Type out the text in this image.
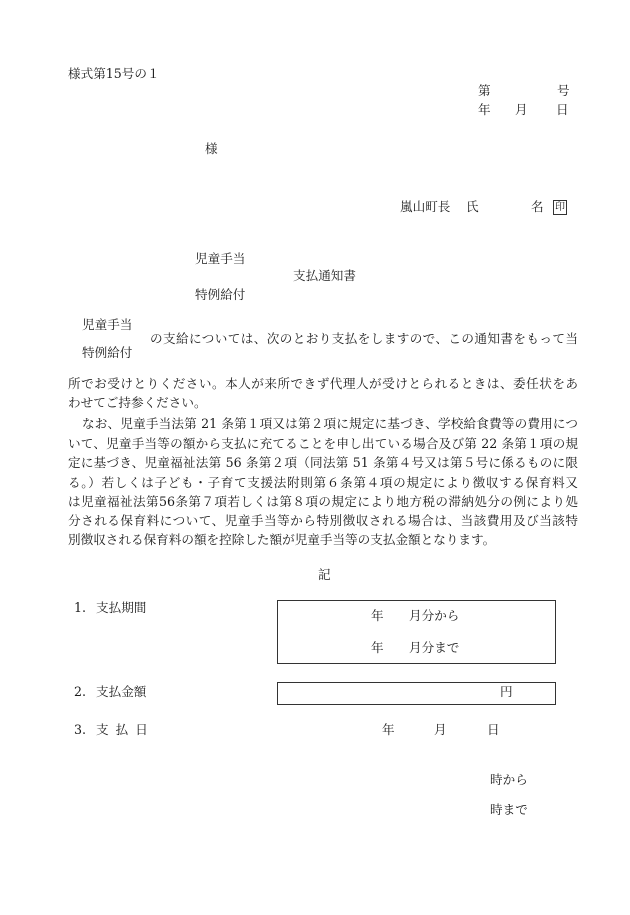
様式第15号の１
第	号
年 月 日
様
嵐山町長 氏	名 印
児童手当
支払通知書
特例給付
児童手当
の支給については、次のとおり支払をしますので、この通知書をもって当
特例給付
所でお受けとりください。本人が来所できず代理人が受けとられるときは、委任状をあ
わせてご持参ください。
なお、児童手当法第 21 条第１項又は第２項に規定に基づき、学校給食費等の費用につ
いて、児童手当等の額から支払に充てることを申し出ている場合及び第 22 条第１項の規
定に基づき、児童福祉法第 56 条第２項（同法第 51 条第４号又は第５号に係るものに限
る。）若しくは子ども・子育て支援法附則第６条第４項の規定により徴収する保育料又
は児童福祉法第56条第７項若しくは第８項の規定により地方税の滞納処分の例により処
分される保育料について、児童手当等から特別徴収される場合は、当該費用及び当該特
別徴収される保育料の額を控除した額が児童手当等の支払金額となります。
記
1. 支払期間
年 月分から
年 月分まで
2. 支払金額	円
3. 支 払 日	年	月	日
時から
時まで
